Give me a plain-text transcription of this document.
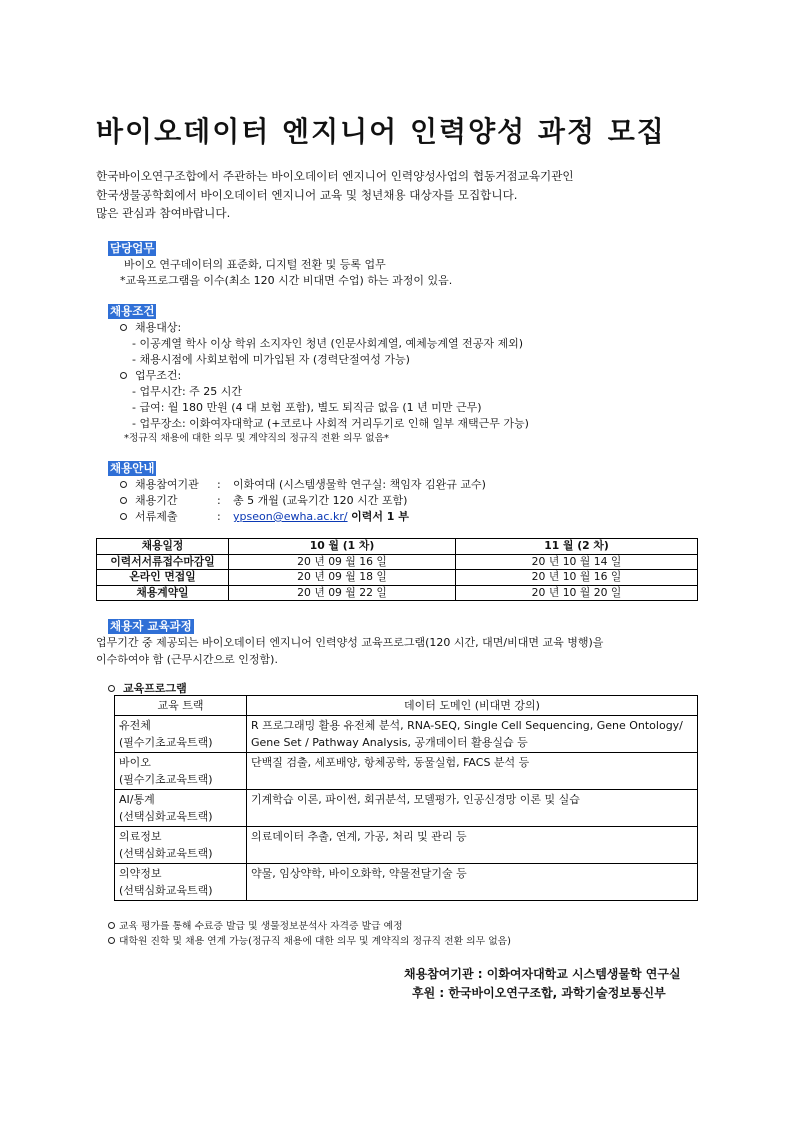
바이오데이터 엔지니어 인력양성 과정 모집
한국바이오연구조합에서 주관하는 바이오데이터 엔지니어 인력양성사업의 협동거점교육기관인
한국생물공학회에서 바이오데이터 엔지니어 교육 및 청년채용 대상자를 모집합니다.
많은 관심과 참여바랍니다.
담당업무
바이오 연구데이터의 표준화, 디지털 전환 및 등록 업무
*교육프로그램을 이수(최소 120 시간 비대면 수업) 하는 과정이 있음.
채용조건
채용대상:
- 이공계열 학사 이상 학위 소지자인 청년 (인문사회계열, 예체능계열 전공자 제외)
- 채용시점에 사회보험에 미가입된 자 (경력단절여성 가능)
업무조건:
- 업무시간: 주 25 시간
- 급여: 월 180 만원 (4 대 보험 포함), 별도 퇴직금 없음 (1 년 미만 근무)
- 업무장소: 이화여자대학교 (+코로나 사회적 거리두기로 인해 일부 재택근무 가능)
*정규직 채용에 대한 의무 및 계약직의 정규직 전환 의무 없음*
채용안내
채용참여기관 : 이화여대 (시스템생물학 연구실: 책임자 김완규 교수)
채용기간	: 총 5 개월 (교육기간 120 시간 포함)
서류제출	: ypseon@ewha.ac.kr/ 이력서 1 부
채용일정	10 월 (1 차)	11 월 (2 차)
이력서서류접수마감일	20 년 09 월 16 일	20 년 10 월 14 일
온라인 면접일	20 년 09 월 18 일	20 년 10 월 16 일
채용계약일	20 년 09 월 22 일	20 년 10 월 20 일
채용자 교육과정
업무기간 중 제공되는 바이오데이터 엔지니어 인력양성 교육프로그램(120 시간, 대면/비대면 교육 병행)을
이수하여야 함 (근무시간으로 인정함).
교육프로그램
교육 트랙	데이터 도메인 (비대면 강의)

유전체
(필수기초교육트랙)	R 프로그래밍 활용 유전체 분석, RNA-SEQ, Single Cell Sequencing, Gene Ontology/ Gene Set / Pathway Analysis, 공개데이터 활용실습 등

바이오
(필수기초교육트랙)	단백질 검출, 세포배양, 항체공학, 동물실험, FACS 분석 등

AI/통계
(선택심화교육트랙)	기계학습 이론, 파이썬, 회귀분석, 모델평가, 인공신경망 이론 및 실습

의료정보
(선택심화교육트랙)	의료데이터 추출, 연계, 가공, 처리 및 관리 등

의약정보
(선택심화교육트랙)	약물, 임상약학, 바이오화학, 약물전달기술 등
교육 평가를 통해 수료증 발급 및 생물정보분석사 자격증 발급 예정
대학원 진학 및 채용 연계 가능(정규직 채용에 대한 의무 및 계약직의 정규직 전환 의무 없음)
채용참여기관 : 이화여자대학교 시스템생물학 연구실
후원 : 한국바이오연구조합, 과학기술정보통신부
